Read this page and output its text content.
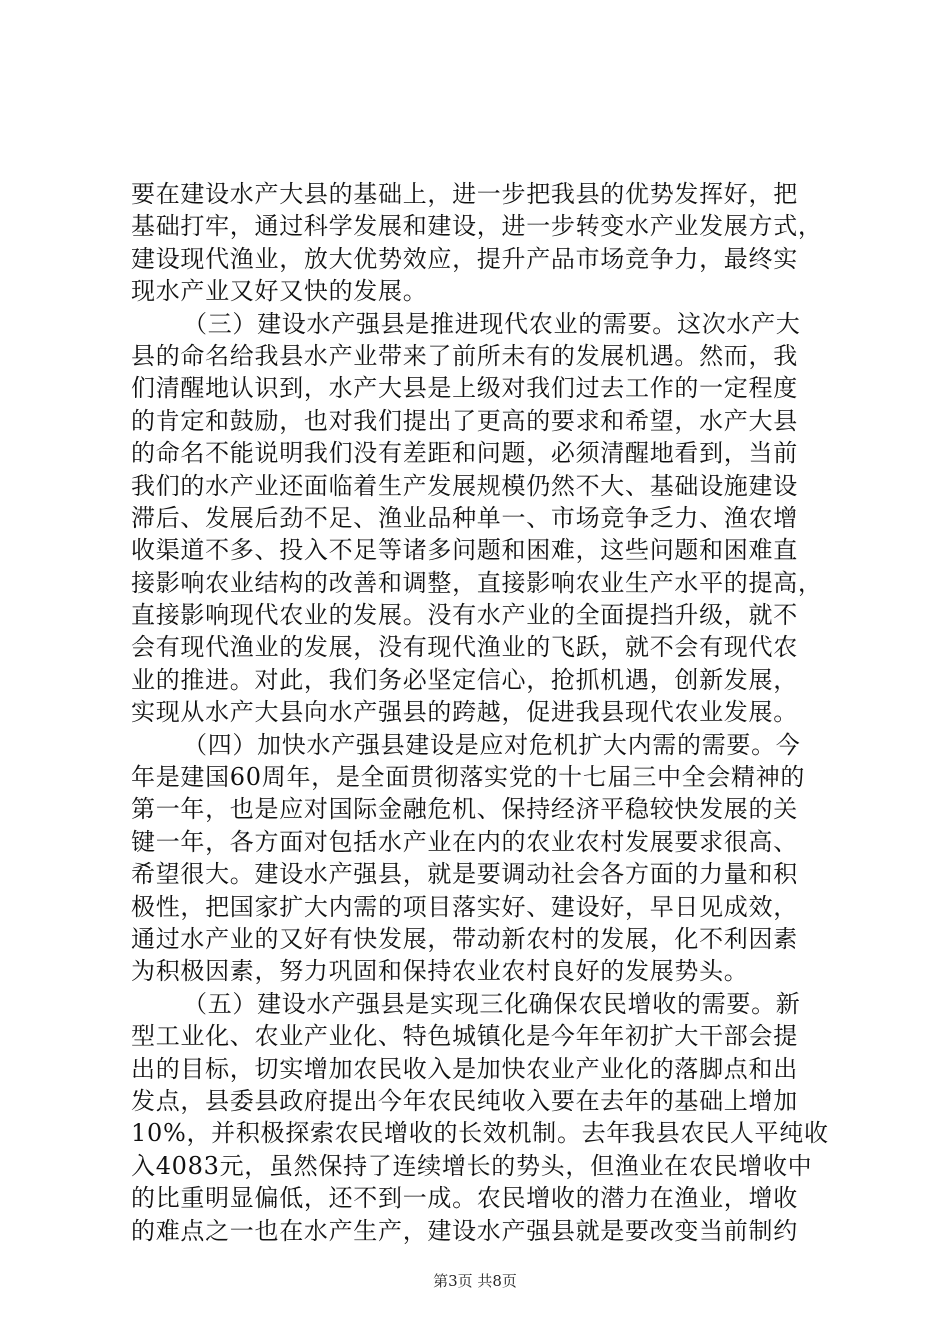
要在建设水产大县的基础上，进一步把我县的优势发挥好，把
基础打牢，通过科学发展和建设，进一步转变水产业发展方式，
建设现代渔业，放大优势效应，提升产品市场竞争力，最终实
现水产业又好又快的发展。
（三）建设水产强县是推进现代农业的需要。这次水产大
县的命名给我县水产业带来了前所未有的发展机遇。然而，我
们清醒地认识到，水产大县是上级对我们过去工作的一定程度
的肯定和鼓励，也对我们提出了更高的要求和希望，水产大县
的命名不能说明我们没有差距和问题，必须清醒地看到，当前
我们的水产业还面临着生产发展规模仍然不大、基础设施建设
滞后、发展后劲不足、渔业品种单一、市场竞争乏力、渔农增
收渠道不多、投入不足等诸多问题和困难，这些问题和困难直
接影响农业结构的改善和调整，直接影响农业生产水平的提高，
直接影响现代农业的发展。没有水产业的全面提挡升级，就不
会有现代渔业的发展，没有现代渔业的飞跃，就不会有现代农
业的推进。对此，我们务必坚定信心，抢抓机遇，创新发展，
实现从水产大县向水产强县的跨越，促进我县现代农业发展。
（四）加快水产强县建设是应对危机扩大内需的需要。今
年是建国60周年，是全面贯彻落实党的十七届三中全会精神的
第一年，也是应对国际金融危机、保持经济平稳较快发展的关
键一年，各方面对包括水产业在内的农业农村发展要求很高、
希望很大。建设水产强县，就是要调动社会各方面的力量和积
极性，把国家扩大内需的项目落实好、建设好，早日见成效，
通过水产业的又好有快发展，带动新农村的发展，化不利因素
为积极因素，努力巩固和保持农业农村良好的发展势头。
（五）建设水产强县是实现三化确保农民增收的需要。新
型工业化、农业产业化、特色城镇化是今年年初扩大干部会提
出的目标，切实增加农民收入是加快农业产业化的落脚点和出
发点，县委县政府提出今年农民纯收入要在去年的基础上增加
10%，并积极探索农民增收的长效机制。去年我县农民人平纯收
入4083元，虽然保持了连续增长的势头，但渔业在农民增收中
的比重明显偏低，还不到一成。农民增收的潜力在渔业，增收
的难点之一也在水产生产，建设水产强县就是要改变当前制约
第3页 共8页
